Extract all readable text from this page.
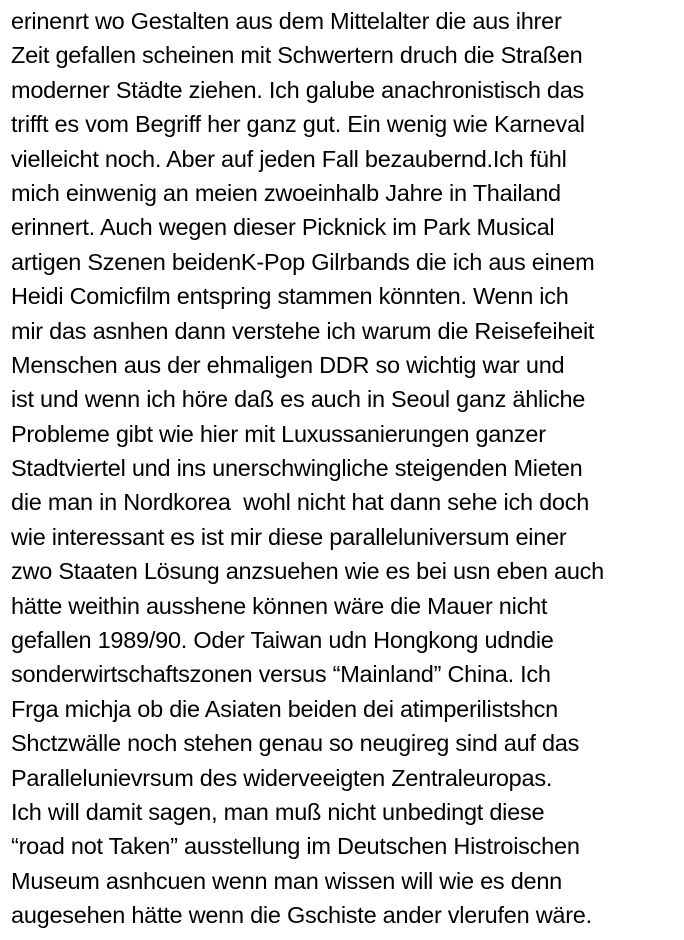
erinenrt wo Gestalten aus dem Mittelalter die aus ihrer
Zeit gefallen scheinen mit Schwertern druch die Straßen
moderner Städte ziehen. Ich galube anachronistisch das
trifft es vom Begriff her ganz gut. Ein wenig wie Karneval
vielleicht noch. Aber auf jeden Fall bezaubernd.Ich fühl
mich einwenig an meien zwoeinhalb Jahre in Thailand
erinnert. Auch wegen dieser Picknick im Park Musical
artigen Szenen beidenK-Pop Gilrbands die ich aus einem
Heidi Comicfilm entspring stammen könnten. Wenn ich
mir das asnhen dann verstehe ich warum die Reisefeiheit
Menschen aus der ehmaligen DDR so wichtig war und
ist und wenn ich höre daß es auch in Seoul ganz ähliche
Probleme gibt wie hier mit Luxussanierungen ganzer
Stadtviertel und ins unerschwingliche steigenden Mieten
die man in Nordkorea  wohl nicht hat dann sehe ich doch
wie interessant es ist mir diese paralleluniversum einer
zwo Staaten Lösung anzsuehen wie es bei usn eben auch
hätte weithin ausshene können wäre die Mauer nicht
gefallen 1989/90. Oder Taiwan udn Hongkong udndie
sonderwirtschaftszonen versus “Mainland” China. Ich
Frga michja ob die Asiaten beiden dei atimperilistshcn
Shctzwälle noch stehen genau so neugireg sind auf das
Parallelunievrsum des widerveeigten Zentraleuropas.
Ich will damit sagen, man muß nicht unbedingt diese
“road not Taken” ausstellung im Deutschen Histroischen
Museum asnhcuen wenn man wissen will wie es denn
augesehen hätte wenn die Gschiste ander vlerufen wäre.
